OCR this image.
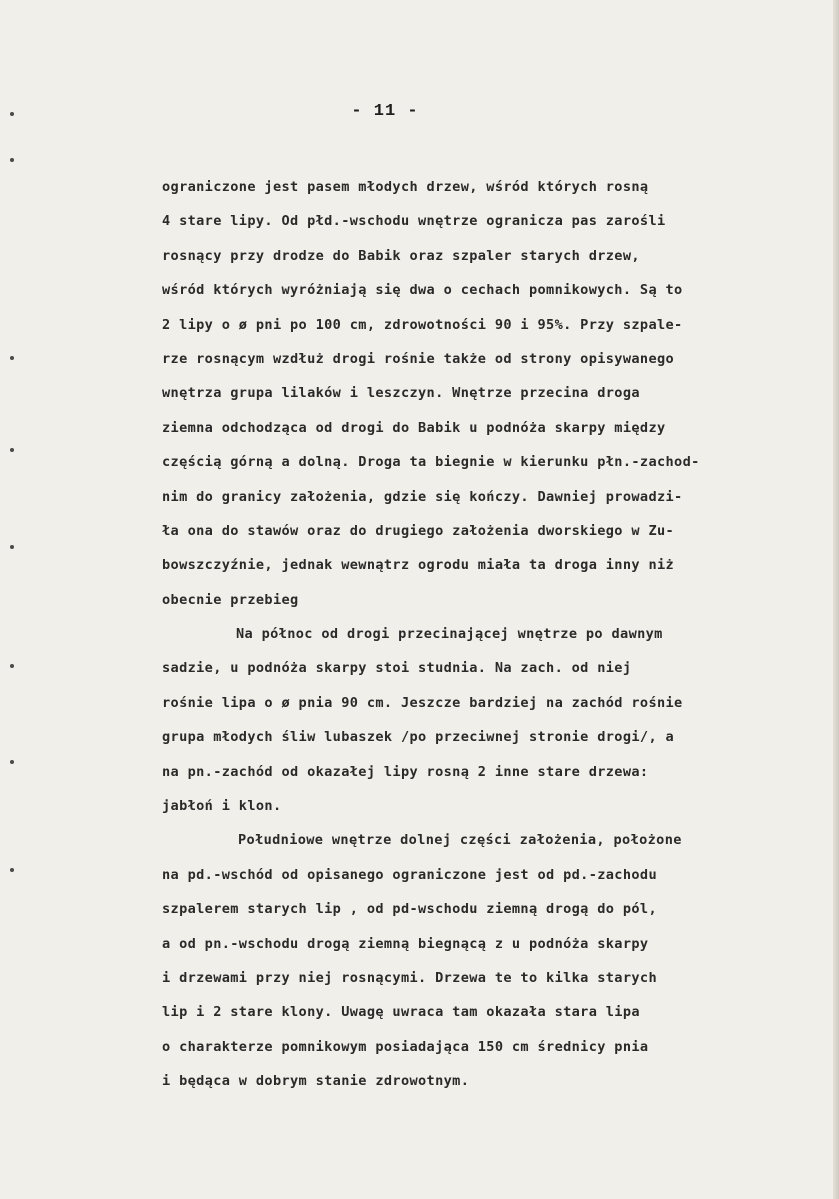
- 11 -
ograniczone jest pasem młodych drzew, wśród których rosną
4 stare lipy. Od płd.-wschodu wnętrze ogranicza pas zarośli
rosnący przy drodze do Babik oraz szpaler starych drzew,
wśród których wyróżniają się dwa o cechach pomnikowych. Są to
2 lipy o ø pni po 100 cm, zdrowotności 90 i 95%. Przy szpale-
rze rosnącym wzdłuż drogi rośnie także od strony opisywanego
wnętrza grupa lilaków i leszczyn. Wnętrze przecina droga
ziemna odchodząca od drogi do Babik u podnóża skarpy między
częścią górną a dolną. Droga ta biegnie w kierunku płn.-zachod-
nim do granicy założenia, gdzie się kończy. Dawniej prowadzi-
ła ona do stawów oraz do drugiego założenia dworskiego w Zu-
bowszczyźnie, jednak wewnątrz ogrodu miała ta droga inny niż
obecnie przebieg
Na północ od drogi przecinającej wnętrze po dawnym
sadzie, u podnóża skarpy stoi studnia. Na zach. od niej
rośnie lipa o ø pnia 90 cm. Jeszcze bardziej na zachód rośnie
grupa młodych śliw lubaszek /po przeciwnej stronie drogi/, a
na pn.-zachód od okazałej lipy rosną 2 inne stare drzewa:
jabłoń i klon.
Południowe wnętrze dolnej części założenia, położone
na pd.-wschód od opisanego ograniczone jest od pd.-zachodu
szpalerem starych lip , od pd-wschodu ziemną drogą do pól,
a od pn.-wschodu drogą ziemną biegnącą z u podnóża skarpy
i drzewami przy niej rosnącymi. Drzewa te to kilka starych
lip i 2 stare klony. Uwagę uwraca tam okazała stara lipa
o charakterze pomnikowym posiadająca 150 cm średnicy pnia
i będąca w dobrym stanie zdrowotnym.
